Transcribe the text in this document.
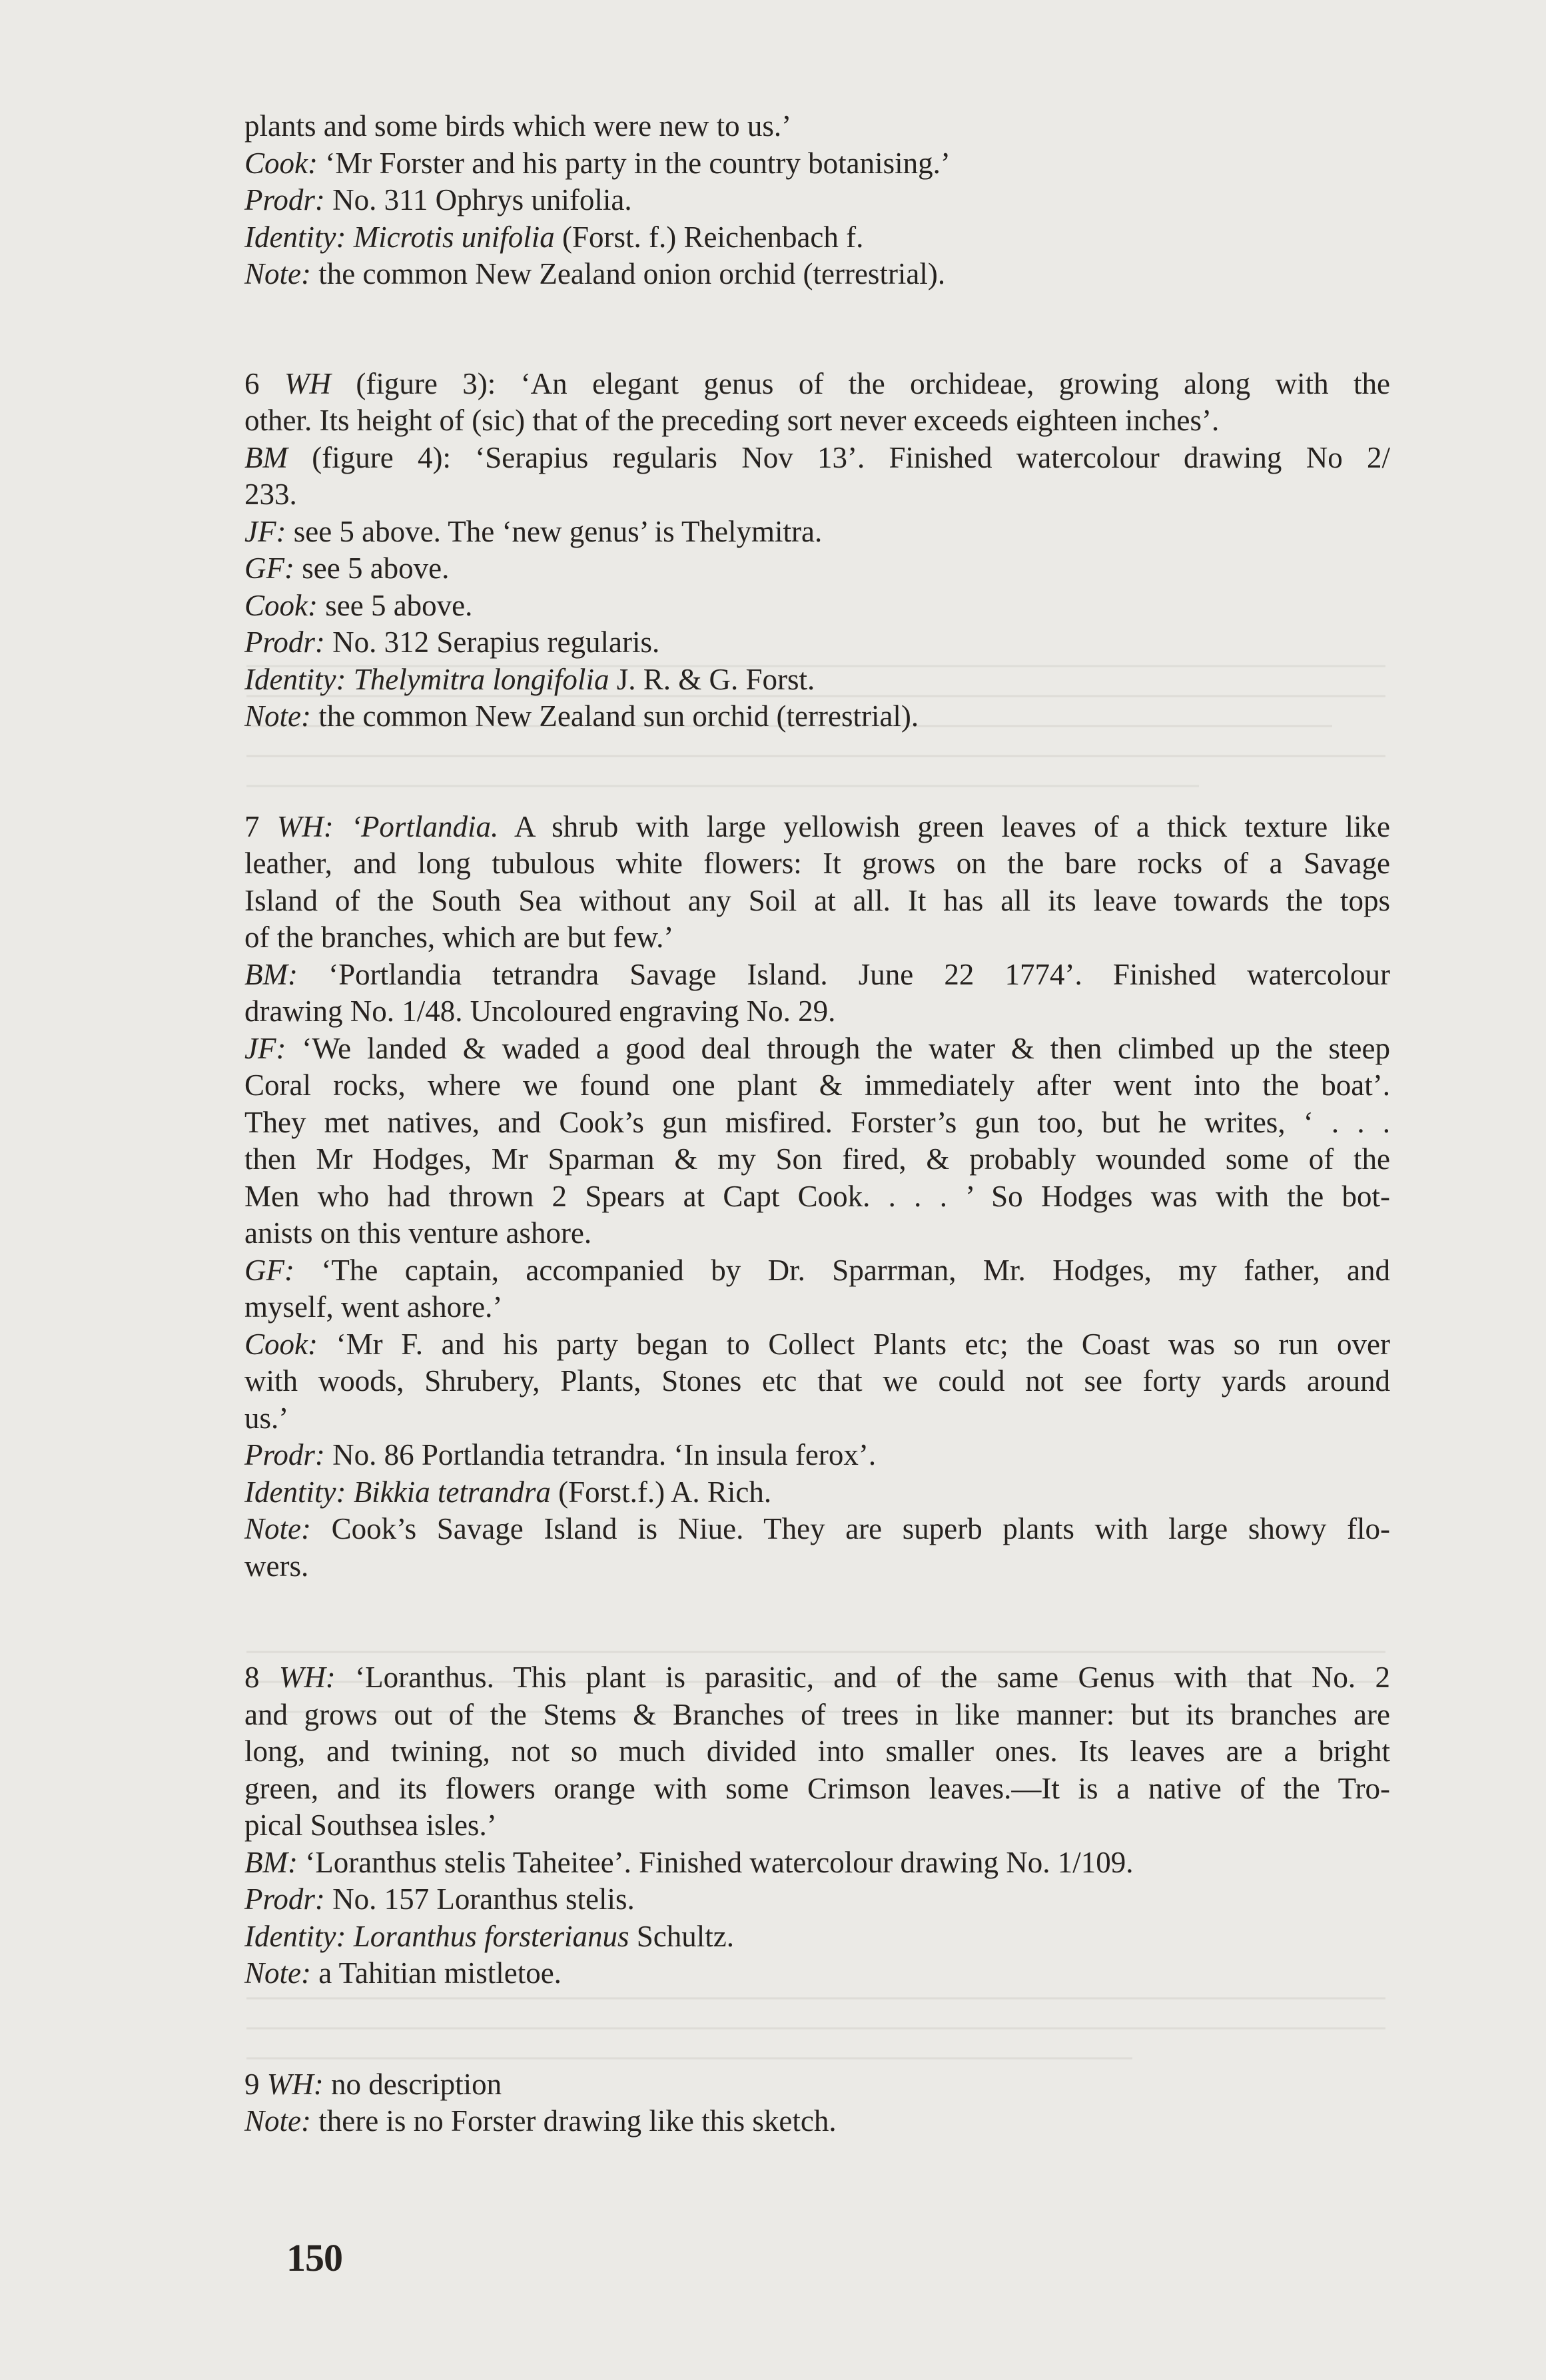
plants and some birds which were new to us.’
Cook: ‘Mr Forster and his party in the country botanising.’
Prodr: No. 311 Ophrys unifolia.
Identity: Microtis unifolia (Forst. f.) Reichenbach f.
Note: the common New Zealand onion orchid (terrestrial).
6 WH (figure 3): ‘An elegant genus of the orchideae, growing along with the
other. Its height of (sic) that of the preceding sort never exceeds eighteen inches’.
BM (figure 4): ‘Serapius regularis Nov 13’. Finished watercolour drawing No 2/
233.
JF: see 5 above. The ‘new genus’ is Thelymitra.
GF: see 5 above.
Cook: see 5 above.
Prodr: No. 312 Serapius regularis.
Identity: Thelymitra longifolia J. R. & G. Forst.
Note: the common New Zealand sun orchid (terrestrial).
7 WH: ‘Portlandia. A shrub with large yellowish green leaves of a thick texture like
leather, and long tubulous white flowers: It grows on the bare rocks of a Savage
Island of the South Sea without any Soil at all. It has all its leave towards the tops
of the branches, which are but few.’
BM: ‘Portlandia tetrandra Savage Island. June 22 1774’. Finished watercolour
drawing No. 1/48. Uncoloured engraving No. 29.
JF: ‘We landed & waded a good deal through the water & then climbed up the steep
Coral rocks, where we found one plant & immediately after went into the boat’.
They met natives, and Cook’s gun misfired. Forster’s gun too, but he writes, ‘ . . .
then Mr Hodges, Mr Sparman & my Son fired, & probably wounded some of the
Men who had thrown 2 Spears at Capt Cook. . . . ’ So Hodges was with the bot-
anists on this venture ashore.
GF: ‘The captain, accompanied by Dr. Sparrman, Mr. Hodges, my father, and
myself, went ashore.’
Cook: ‘Mr F. and his party began to Collect Plants etc; the Coast was so run over
with woods, Shrubery, Plants, Stones etc that we could not see forty yards around
us.’
Prodr: No. 86 Portlandia tetrandra. ‘In insula ferox’.
Identity: Bikkia tetrandra (Forst.f.) A. Rich.
Note: Cook’s Savage Island is Niue. They are superb plants with large showy flo-
wers.
8 WH: ‘Loranthus. This plant is parasitic, and of the same Genus with that No. 2
and grows out of the Stems & Branches of trees in like manner: but its branches are
long, and twining, not so much divided into smaller ones. Its leaves are a bright
green, and its flowers orange with some Crimson leaves.—It is a native of the Tro-
pical Southsea isles.’
BM: ‘Loranthus stelis Taheitee’. Finished watercolour drawing No. 1/109.
Prodr: No. 157 Loranthus stelis.
Identity: Loranthus forsterianus Schultz.
Note: a Tahitian mistletoe.
9 WH: no description
Note: there is no Forster drawing like this sketch.
150
